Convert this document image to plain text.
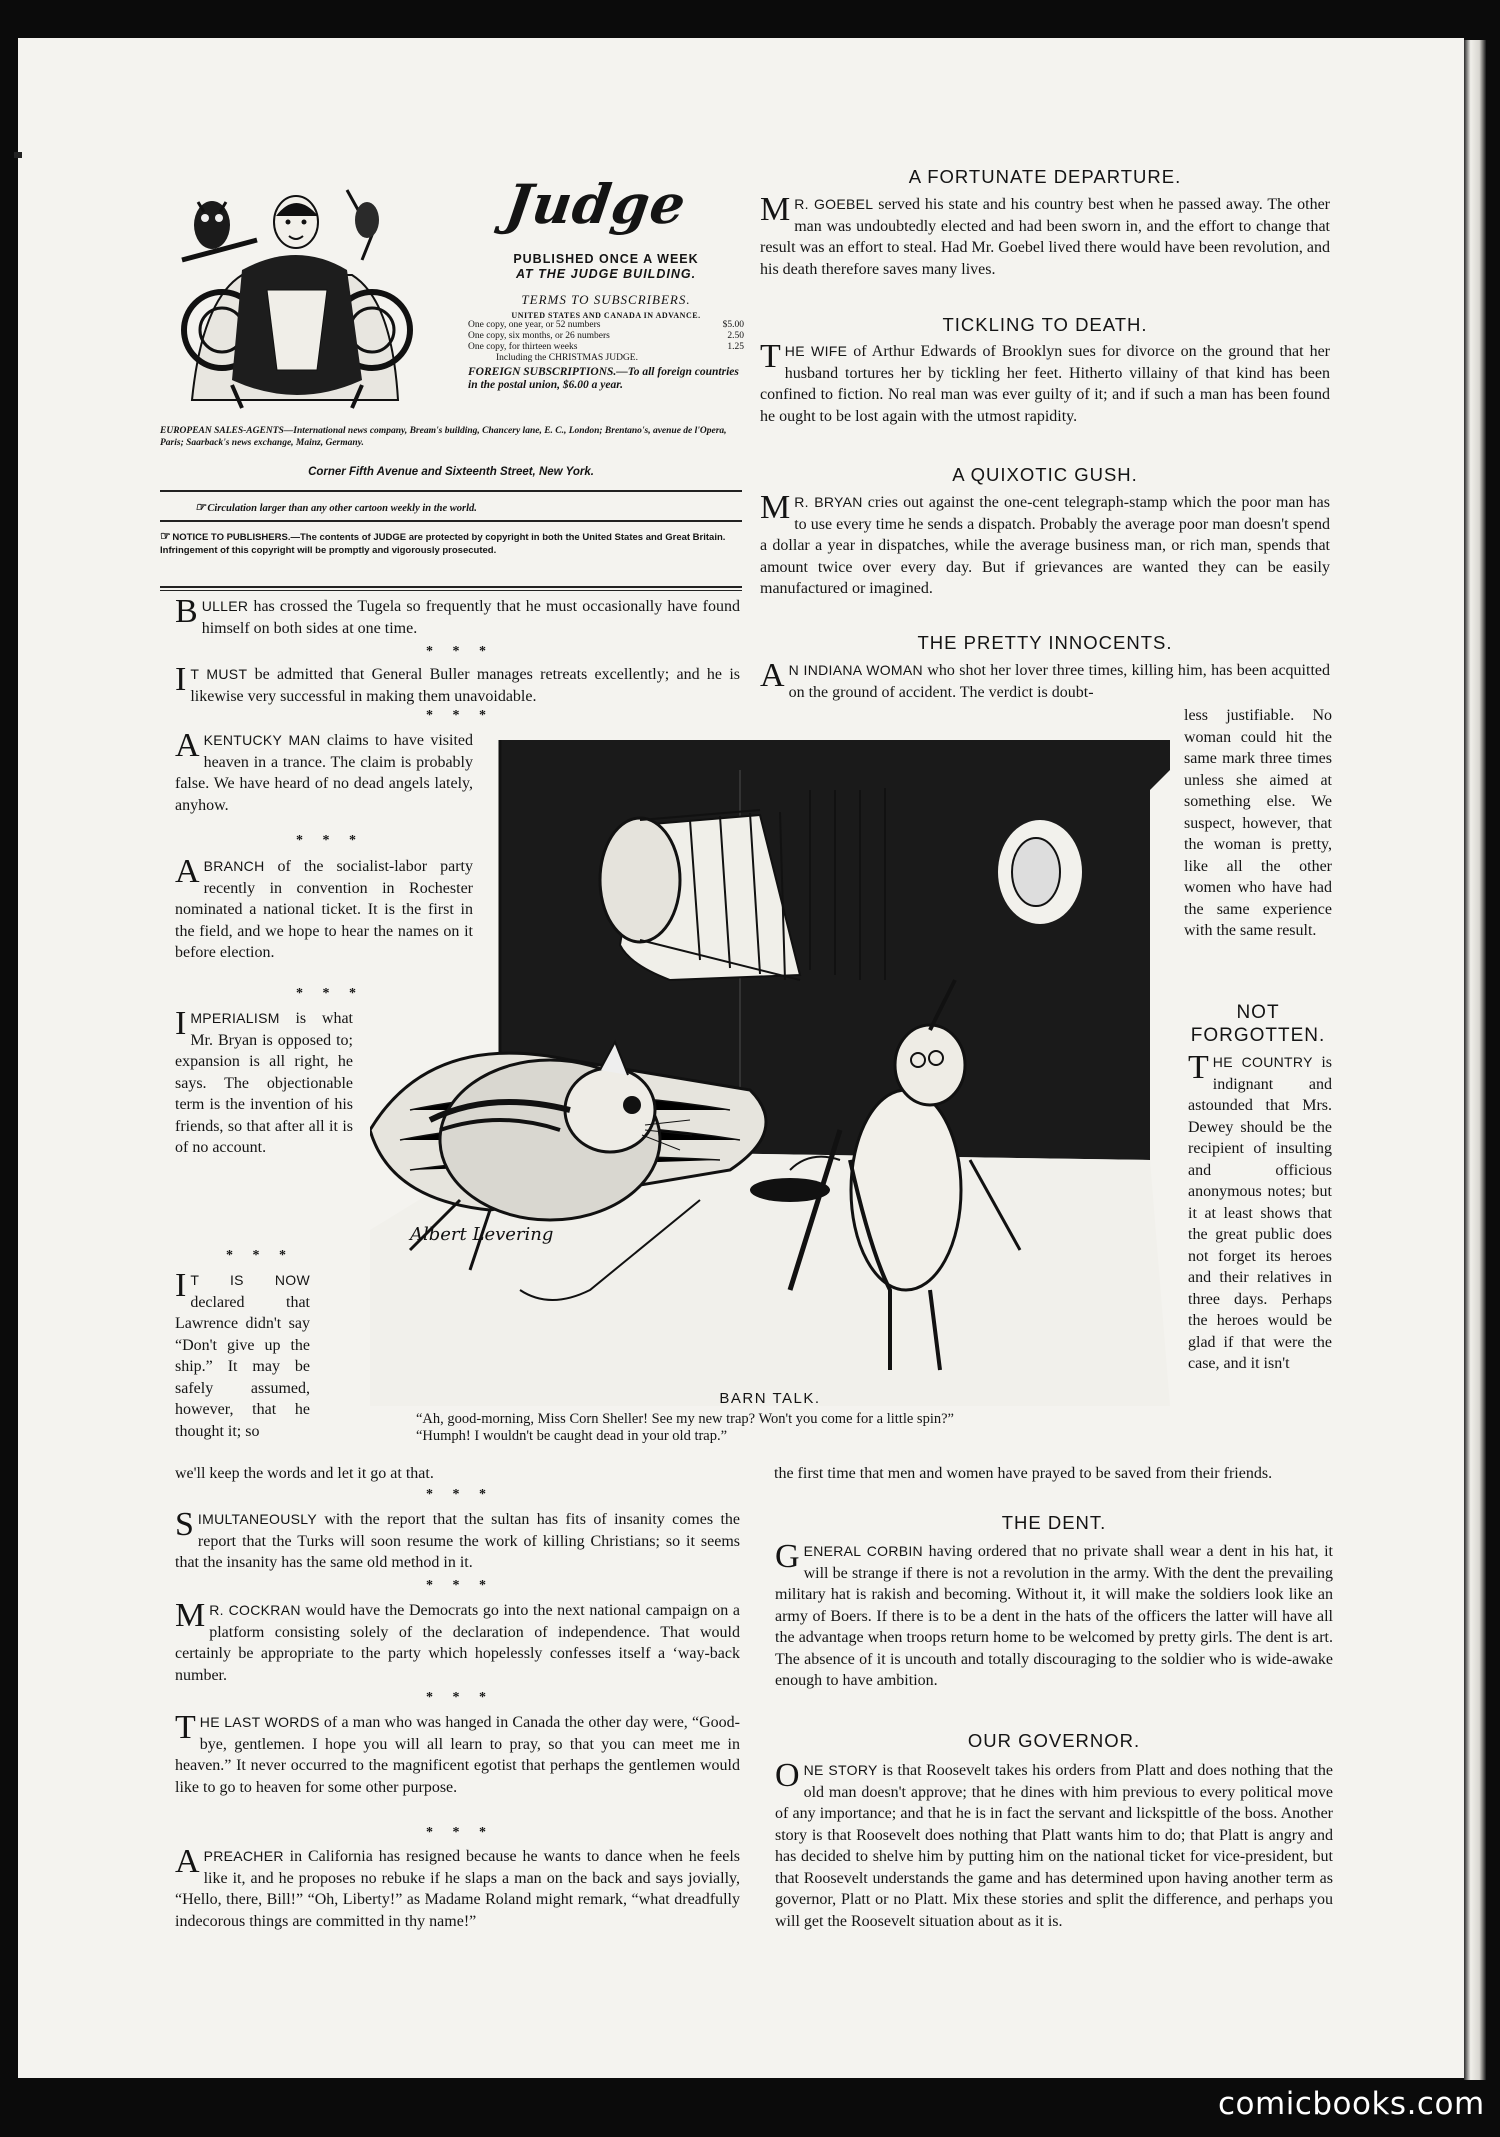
Judge
PUBLISHED ONCE A WEEK
AT THE JUDGE BUILDING.
TERMS TO SUBSCRIBERS.
UNITED STATES AND CANADA IN ADVANCE.
One copy, one year, or 52 numbers	$5.00
One copy, six months, or 26 numbers	2.50
One copy, for thirteen weeks	1.25
Including the CHRISTMAS JUDGE.
FOREIGN SUBSCRIPTIONS.—To all foreign countries in the postal union, $6.00 a year.
EUROPEAN SALES-AGENTS—International news company, Bream's building, Chancery lane, E. C., London; Brentano's, avenue de l'Opera, Paris; Saarback's news exchange, Mainz, Germany.
Corner Fifth Avenue and Sixteenth Street, New York.
☞ Circulation larger than any other cartoon weekly in the world.
☞ NOTICE TO PUBLISHERS.—The contents of JUDGE are protected by copyright in both the United States and Great Britain. Infringement of this copyright will be promptly and vigorously prosecuted.

BULLER has crossed the Tugela so frequently that he must occasionally have found himself on both sides at one time.

* * *

I T MUST be admitted that General Buller manages retreats excellently; and he is likewise very successful in making them unavoidable.

* * *

A KENTUCKY MAN claims to have visited heaven in a trance. The claim is probably false. We have heard of no dead angels lately, anyhow.

* * *

A BRANCH of the socialist-labor party recently in convention in Rochester nominated a national ticket. It is the first in the field, and we hope to hear the names on it before election.

* * *

IMPERIALISM is what Mr. Bryan is opposed to; expansion is all right, he says. The objectionable term is the invention of his friends, so that after all it is of no account.

* * *

I T IS NOW declared that Lawrence didn't say “Don't give up the ship.” It may be safely assumed, however, that he thought it; so

we'll keep the words and let it go at that.
* * *

SIMULTANEOUSLY with the report that the sultan has fits of insanity comes the report that the Turks will soon resume the work of killing Christians; so it seems that the insanity has the same old method in it.

* * *

M R. COCKRAN would have the Democrats go into the next national campaign on a platform consisting solely of the declaration of independence. That would certainly be appropriate to the party which hopelessly confesses itself a ‘way-back number.

* * *

THE LAST WORDS of a man who was hanged in Canada the other day were, “Good-bye, gentlemen. I hope you will all learn to pray, so that you can meet me in heaven.” It never occurred to the magnificent egotist that perhaps the gentlemen would like to go to heaven for some other purpose.

* * *

A PREACHER in California has resigned because he wants to dance when he feels like it, and he proposes no rebuke if he slaps a man on the back and says jovially, “Hello, there, Bill!” “Oh, Liberty!” as Madame Roland might remark, “what dreadfully indecorous things are committed in thy name!”

A FORTUNATE DEPARTURE.

M R. GOEBEL served his state and his country best when he passed away. The other man was undoubtedly elected and had been sworn in, and the effort to change that result was an effort to steal. Had Mr. Goebel lived there would have been revolution, and his death therefore saves many lives.

TICKLING TO DEATH.

THE WIFE of Arthur Edwards of Brooklyn sues for divorce on the ground that her husband tortures her by tickling her feet. Hitherto villainy of that kind has been confined to fiction. No real man was ever guilty of it; and if such a man has been found he ought to be lost again with the utmost rapidity.

A QUIXOTIC GUSH.

M R. BRYAN cries out against the one-cent telegraph-stamp which the poor man has to use every time he sends a dispatch. Probably the average poor man doesn't spend a dollar a year in dispatches, while the average business man, or rich man, spends that amount twice over every day. But if grievances are wanted they can be easily manufactured or imagined.

THE PRETTY INNOCENTS.

A N INDIANA WOMAN who shot her lover three times, killing him, has been acquitted on the ground of accident. The verdict is doubt-

less justifiable. No woman could hit the same mark three times unless she aimed at something else. We suspect, however, that the woman is pretty, like all the other women who have had the same experience with the same result.
NOT
FORGOTTEN.

THE COUNTRY is indignant and astounded that Mrs. Dewey should be the recipient of insulting and officious anonymous notes; but it at least shows that the great public does not forget its heroes and their relatives in three days. Perhaps the heroes would be glad if that were the case, and it isn't

the first time that men and women have prayed to be saved from their friends.
THE DENT.

GENERAL CORBIN having ordered that no private shall wear a dent in his hat, it will be strange if there is not a revolution in the army. With the dent the prevailing military hat is rakish and becoming. Without it, it will make the soldiers look like an army of Boers. If there is to be a dent in the hats of the officers the latter will have all the advantage when troops return home to be welcomed by pretty girls. The dent is art. The absence of it is uncouth and totally discouraging to the soldier who is wide-awake enough to have ambition.

OUR GOVERNOR.

ONE STORY is that Roosevelt takes his orders from Platt and does nothing that the old man doesn't approve; that he dines with him previous to every political move of any importance; and that he is in fact the servant and lickspittle of the boss. Another story is that Roosevelt does nothing that Platt wants him to do; that Platt is angry and has decided to shelve him by putting him on the national ticket for vice-president, but that Roosevelt understands the game and has determined upon having another term as governor, Platt or no Platt. Mix these stories and split the difference, and perhaps you will get the Roosevelt situation about as it is.

Albert Levering
BARN TALK.
“Ah, good-morning, Miss Corn Sheller! See my new trap? Won't you come for a little spin?”
“Humph! I wouldn't be caught dead in your old trap.”
comicbooks.com
